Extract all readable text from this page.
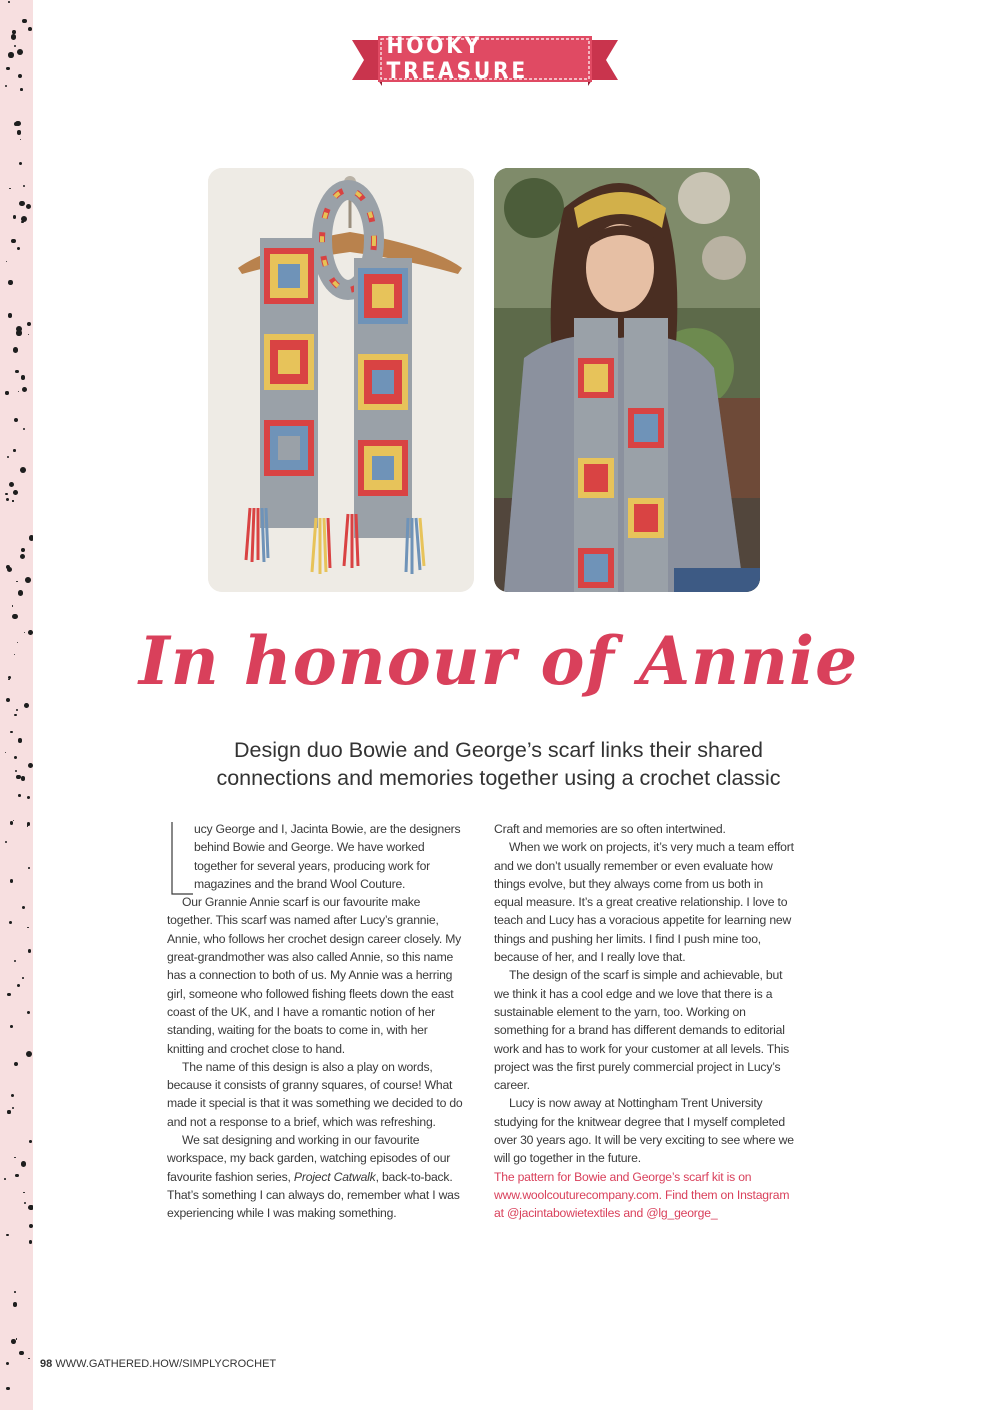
HOOKY TREASURE
In honour of Annie
Design duo Bowie and George’s scarf links their shared
connections and memories together using a crochet classic

ucy George and I, Jacinta Bowie, are the designers behind Bowie and George. We have worked together for several years, producing work for magazines and the brand Wool Couture.

Our Grannie Annie scarf is our favourite make together. This scarf was named after Lucy’s grannie, Annie, who follows her crochet design career closely. My great-grandmother was also called Annie, so this name has a connection to both of us. My Annie was a herring girl, someone who followed fishing fleets down the east coast of the UK, and I have a romantic notion of her standing, waiting for the boats to come in, with her knitting and crochet close to hand.

The name of this design is also a play on words, because it consists of granny squares, of course! What made it special is that it was something we decided to do and not a response to a brief, which was refreshing.

We sat designing and working in our favourite workspace, my back garden, watching episodes of our favourite fashion series, Project Catwalk, back-to-back. That’s something I can always do, remember what I was experiencing while I was making something.

Craft and memories are so often intertwined.

When we work on projects, it’s very much a team effort and we don’t usually remember or even evaluate how things evolve, but they always come from us both in equal measure. It’s a great creative relationship. I love to teach and Lucy has a voracious appetite for learning new things and pushing her limits. I find I push mine too, because of her, and I really love that.

The design of the scarf is simple and achievable, but we think it has a cool edge and we love that there is a sustainable element to the yarn, too. Working on something for a brand has different demands to editorial work and has to work for your customer at all levels. This project was the first purely commercial project in Lucy’s career.

Lucy is now away at Nottingham Trent University studying for the knitwear degree that I myself completed over 30 years ago. It will be very exciting to see where we will go together in the future.

The pattern for Bowie and George’s scarf kit is on www.woolcouturecompany.com. Find them on Instagram at @jacintabowietextiles and @lg_george_

98 WWW.GATHERED.HOW/SIMPLYCROCHET
